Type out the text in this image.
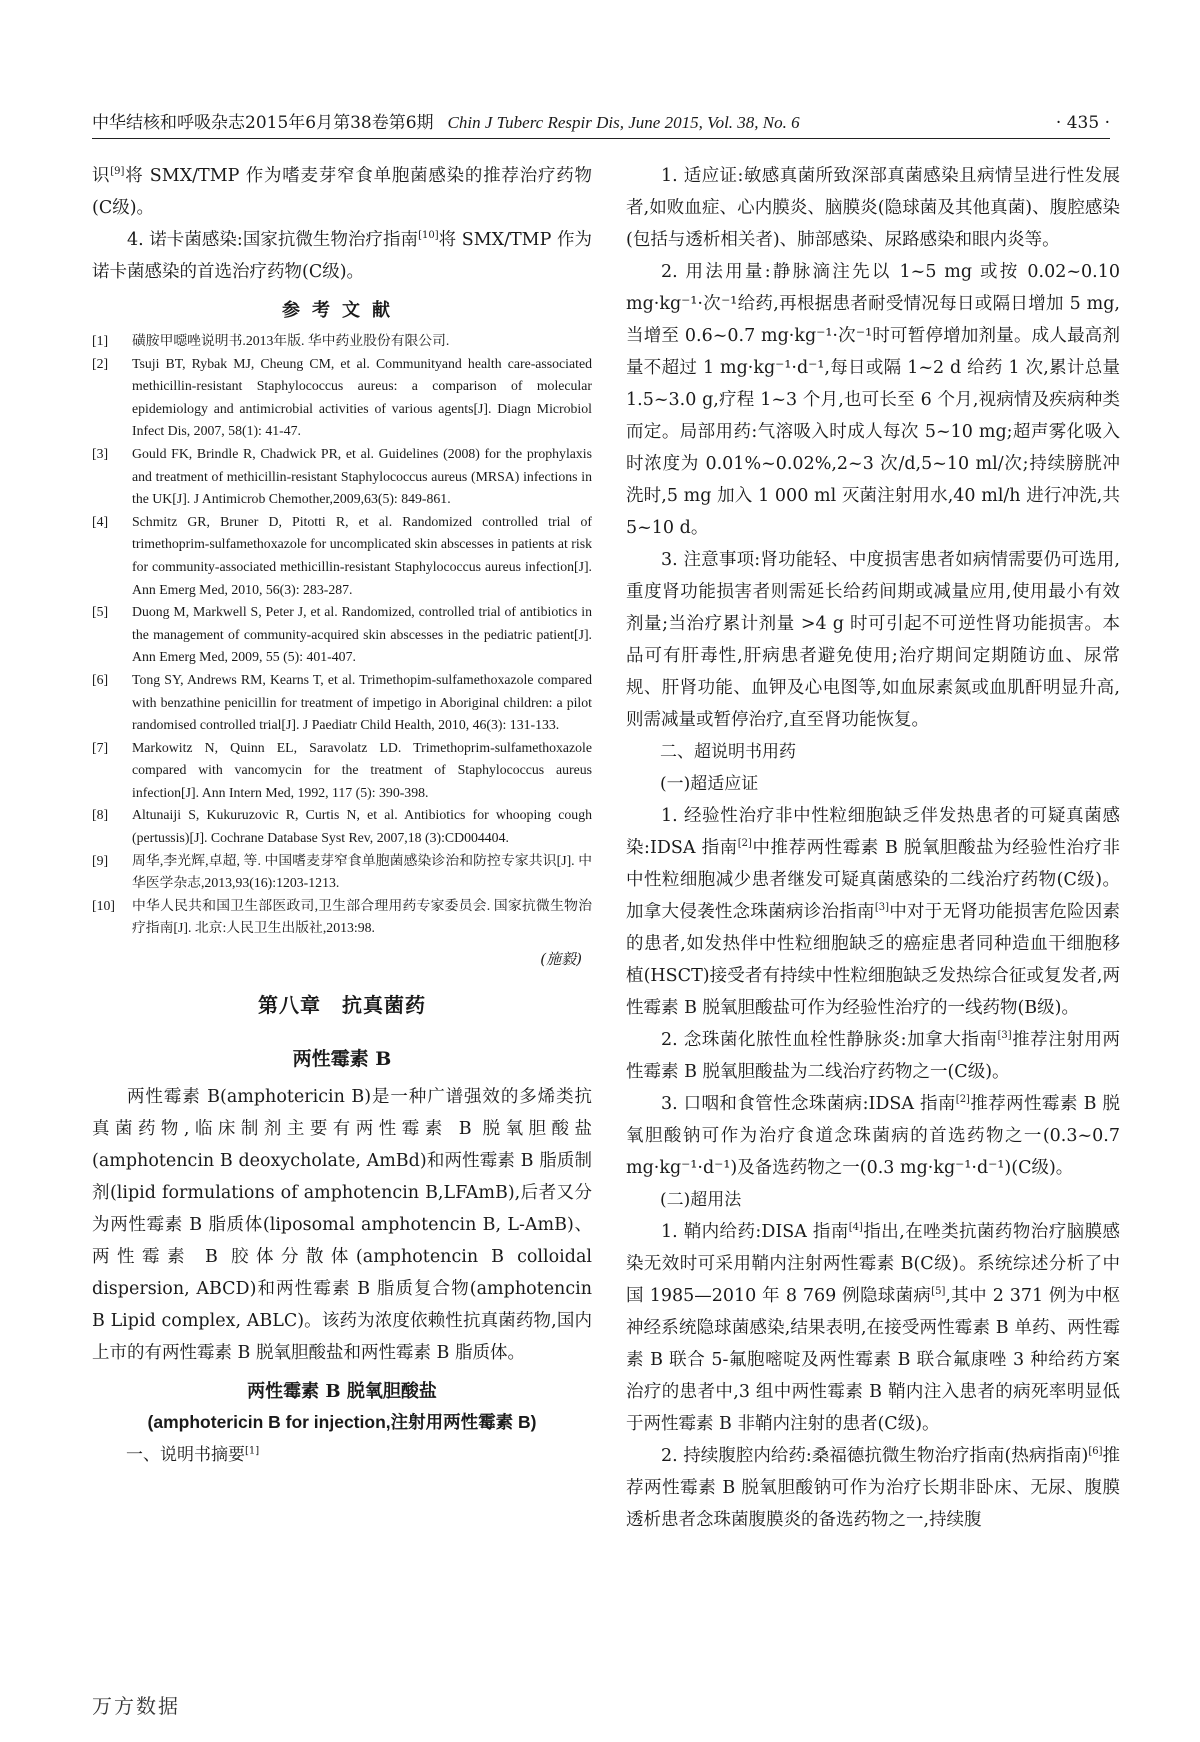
中华结核和呼吸杂志2015年6月第38卷第6期 Chin J Tuberc Respir Dis, June 2015, Vol. 38, No. 6	· 435 ·

识[9]将 SMX/TMP 作为嗜麦芽窄食单胞菌感染的推荐治疗药物(C级)。

4. 诺卡菌感染:国家抗微生物治疗指南[10]将 SMX/TMP 作为诺卡菌感染的首选治疗药物(C级)。

参考文献
[1] 磺胺甲噁唑说明书.2013年版. 华中药业股份有限公司.
[2] Tsuji BT, Rybak MJ, Cheung CM, et al. Communityand health care-associated methicillin-resistant Staphylococcus aureus: a comparison of molecular epidemiology and antimicrobial activities of various agents[J]. Diagn Microbiol Infect Dis, 2007, 58(1): 41-47.
[3] Gould FK, Brindle R, Chadwick PR, et al. Guidelines (2008) for the prophylaxis and treatment of methicillin-resistant Staphylococcus aureus (MRSA) infections in the UK[J]. J Antimicrob Chemother,2009,63(5): 849-861.
[4] Schmitz GR, Bruner D, Pitotti R, et al. Randomized controlled trial of trimethoprim-sulfamethoxazole for uncomplicated skin abscesses in patients at risk for community-associated methicillin-resistant Staphylococcus aureus infection[J]. Ann Emerg Med, 2010, 56(3): 283-287.
[5] Duong M, Markwell S, Peter J, et al. Randomized, controlled trial of antibiotics in the management of community-acquired skin abscesses in the pediatric patient[J]. Ann Emerg Med, 2009, 55 (5): 401-407.
[6] Tong SY, Andrews RM, Kearns T, et al. Trimethopim-sulfamethoxazole compared with benzathine penicillin for treatment of impetigo in Aboriginal children: a pilot randomised controlled trial[J]. J Paediatr Child Health, 2010, 46(3): 131-133.
[7] Markowitz N, Quinn EL, Saravolatz LD. Trimethoprim-sulfamethoxazole compared with vancomycin for the treatment of Staphylococcus aureus infection[J]. Ann Intern Med, 1992, 117 (5): 390-398.
[8] Altunaiji S, Kukuruzovic R, Curtis N, et al. Antibiotics for whooping cough (pertussis)[J]. Cochrane Database Syst Rev, 2007,18 (3):CD004404.
[9] 周华,李光辉,卓超, 等. 中国嗜麦芽窄食单胞菌感染诊治和防控专家共识[J]. 中华医学杂志,2013,93(16):1203-1213.
[10] 中华人民共和国卫生部医政司,卫生部合理用药专家委员会. 国家抗微生物治疗指南[J]. 北京:人民卫生出版社,2013:98.
(施毅)
第八章　抗真菌药
两性霉素 B

两性霉素 B(amphotericin B)是一种广谱强效的多烯类抗真菌药物,临床制剂主要有两性霉素 B 脱氧胆酸盐(amphotencin B deoxycholate, AmBd)和两性霉素 B 脂质制剂(lipid formulations of amphotencin B,LFAmB),后者又分为两性霉素 B 脂质体(liposomal amphotencin B, L-AmB)、两性霉素 B 胶体分散体(amphotencin B colloidal dispersion, ABCD)和两性霉素 B 脂质复合物(amphotencin B Lipid complex, ABLC)。该药为浓度依赖性抗真菌药物,国内上市的有两性霉素 B 脱氧胆酸盐和两性霉素 B 脂质体。

两性霉素 B 脱氧胆酸盐
(amphotericin B for injection,注射用两性霉素 B)

一、说明书摘要[1]

1. 适应证:敏感真菌所致深部真菌感染且病情呈进行性发展者,如败血症、心内膜炎、脑膜炎(隐球菌及其他真菌)、腹腔感染(包括与透析相关者)、肺部感染、尿路感染和眼内炎等。

2. 用法用量:静脉滴注先以 1~5 mg 或按 0.02~0.10 mg·kg⁻¹·次⁻¹给药,再根据患者耐受情况每日或隔日增加 5 mg,当增至 0.6~0.7 mg·kg⁻¹·次⁻¹时可暂停增加剂量。成人最高剂量不超过 1 mg·kg⁻¹·d⁻¹,每日或隔 1~2 d 给药 1 次,累计总量 1.5~3.0 g,疗程 1~3 个月,也可长至 6 个月,视病情及疾病种类而定。局部用药:气溶吸入时成人每次 5~10 mg;超声雾化吸入时浓度为 0.01%~0.02%,2~3 次/d,5~10 ml/次;持续膀胱冲洗时,5 mg 加入 1 000 ml 灭菌注射用水,40 ml/h 进行冲洗,共 5~10 d。

3. 注意事项:肾功能轻、中度损害患者如病情需要仍可选用,重度肾功能损害者则需延长给药间期或减量应用,使用最小有效剂量;当治疗累计剂量 >4 g 时可引起不可逆性肾功能损害。本品可有肝毒性,肝病患者避免使用;治疗期间定期随访血、尿常规、肝肾功能、血钾及心电图等,如血尿素氮或血肌酐明显升高,则需减量或暂停治疗,直至肾功能恢复。

二、超说明书用药

(一)超适应证

1. 经验性治疗非中性粒细胞缺乏伴发热患者的可疑真菌感染:IDSA 指南[2]中推荐两性霉素 B 脱氧胆酸盐为经验性治疗非中性粒细胞减少患者继发可疑真菌感染的二线治疗药物(C级)。加拿大侵袭性念珠菌病诊治指南[3]中对于无肾功能损害危险因素的患者,如发热伴中性粒细胞缺乏的癌症患者同种造血干细胞移植(HSCT)接受者有持续中性粒细胞缺乏发热综合征或复发者,两性霉素 B 脱氧胆酸盐可作为经验性治疗的一线药物(B级)。

2. 念珠菌化脓性血栓性静脉炎:加拿大指南[3]推荐注射用两性霉素 B 脱氧胆酸盐为二线治疗药物之一(C级)。

3. 口咽和食管性念珠菌病:IDSA 指南[2]推荐两性霉素 B 脱氧胆酸钠可作为治疗食道念珠菌病的首选药物之一(0.3~0.7 mg·kg⁻¹·d⁻¹)及备选药物之一(0.3 mg·kg⁻¹·d⁻¹)(C级)。

(二)超用法

1. 鞘内给药:DISA 指南[4]指出,在唑类抗菌药物治疗脑膜感染无效时可采用鞘内注射两性霉素 B(C级)。系统综述分析了中国 1985—2010 年 8 769 例隐球菌病[5],其中 2 371 例为中枢神经系统隐球菌感染,结果表明,在接受两性霉素 B 单药、两性霉素 B 联合 5-氟胞嘧啶及两性霉素 B 联合氟康唑 3 种给药方案治疗的患者中,3 组中两性霉素 B 鞘内注入患者的病死率明显低于两性霉素 B 非鞘内注射的患者(C级)。

2. 持续腹腔内给药:桑福德抗微生物治疗指南(热病指南)[6]推荐两性霉素 B 脱氧胆酸钠可作为治疗长期非卧床、无尿、腹膜透析患者念珠菌腹膜炎的备选药物之一,持续腹

万方数据
